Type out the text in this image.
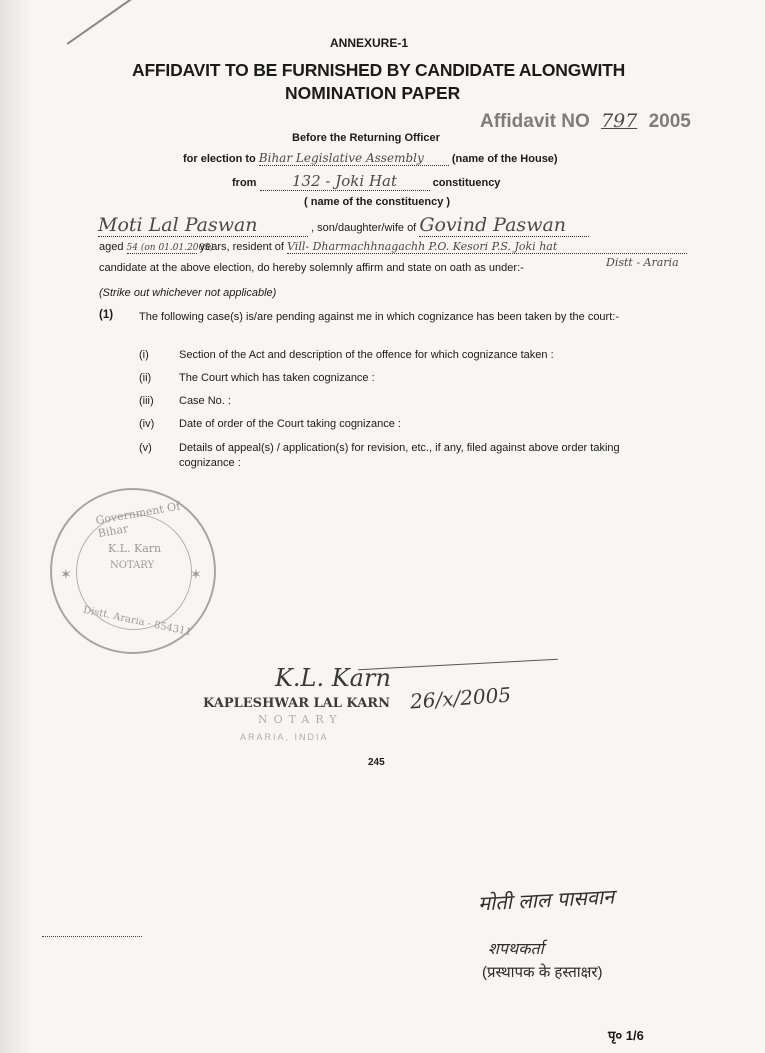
ANNEXURE-1
AFFIDAVIT TO BE FURNISHED BY CANDIDATE ALONGWITH
NOMINATION PAPER
Affidavit NO 797 2005
Before the Returning Officer
for election to Bihar Legislative Assembly	(name of the House)
from 132 - Joki Hat	constituency
( name of the constituency )
Moti Lal Paswan	, son/daughter/wife of Govind Paswan
aged 54 (on 01.01.2005) years, resident of Vill- Dharmachhnagachh P.O. Kesori P.S. Joki hat
candidate at the above election, do hereby solemnly affirm and state on oath as under:-	Distt - Araria
(Strike out whichever not applicable)
(1) The following case(s) is/are pending against me in which cognizance has been taken by the court:-
(i)	Section of the Act and description of the offence for which cognizance taken :
(ii)	The Court which has taken cognizance :
(iii)	Case No. :
(iv)	Date of order of the Court taking cognizance :
(v)	Details of appeal(s) / application(s) for revision, etc., if any, filed against above order taking cognizance :
Government Of Bihar
K.L. Karn
NOTARY
✶	✶
Distt. Araria - 854311
K.L. Karn
KAPLESHWAR LAL KARN 26/x/2005
NOTARY
ARARIA, INDIA
245
मोती लाल पासवान
शपथकर्ता
(प्रस्थापक के हस्ताक्षर)
पृ० 1/6
